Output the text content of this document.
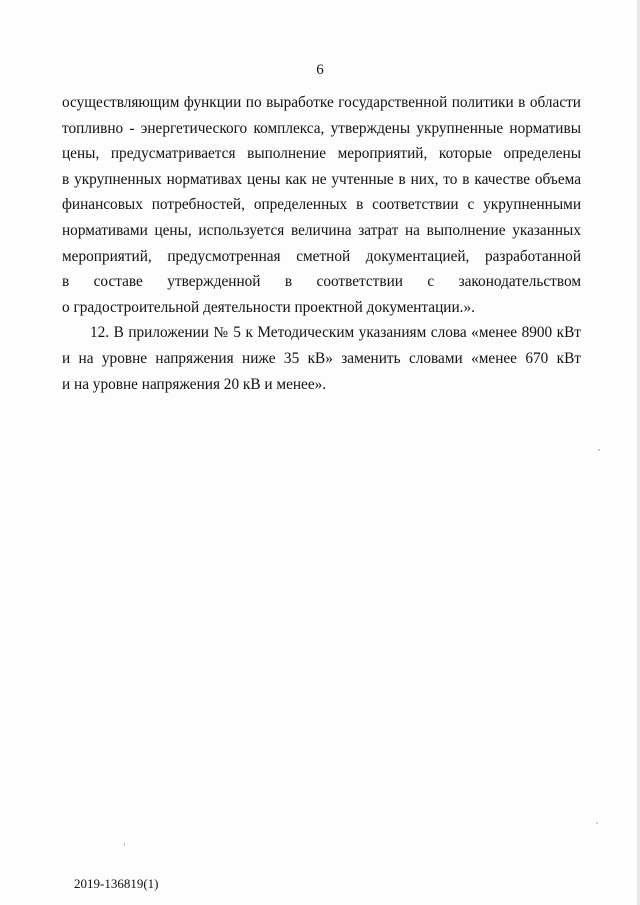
6
осуществляющим функции по выработке государственной политики в области
топливно - энергетического комплекса, утверждены укрупненные нормативы
цены, предусматривается выполнение мероприятий, которые определены
в укрупненных нормативах цены как не учтенные в них, то в качестве объема
финансовых потребностей, определенных в соответствии с укрупненными
нормативами цены, используется величина затрат на выполнение указанных
мероприятий, предусмотренная сметной документацией, разработанной
в составе утвержденной в соответствии с законодательством
о градостроительной деятельности проектной документации.».
12. В приложении № 5 к Методическим указаниям слова «менее 8900 кВт
и на уровне напряжения ниже 35 кВ» заменить словами «менее 670 кВт
и на уровне напряжения 20 кВ и менее».
2019-136819(1)
